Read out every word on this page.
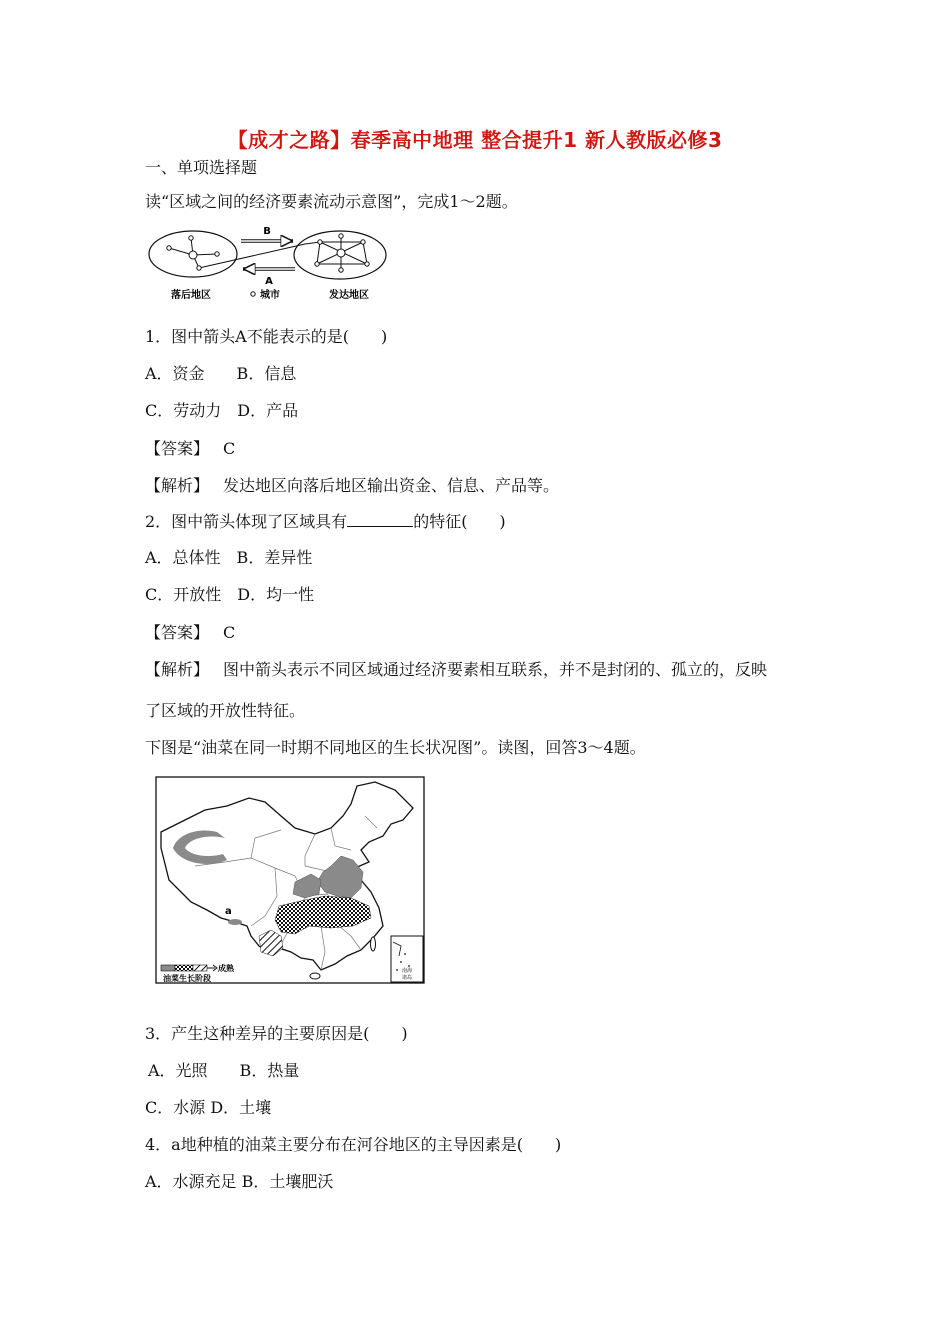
【成才之路】春季高中地理 整合提升1 新人教版必修3
一、单项选择题
读“区域之间的经济要素流动示意图”，完成1～2题。
B
A
落后地区	城市	发达地区
1．图中箭头A不能表示的是(　　)
A．资金　　B．信息
C．劳动力　D．产品
【答案】 C
【解析】 发达地区向落后地区输出资金、信息、产品等。
2．图中箭头体现了区域具有	的特征(　　)
A．总体性　B．差异性
C．开放性　D．均一性
【答案】 C
【解析】 图中箭头表示不同区域通过经济要素相互联系，并不是封闭的、孤立的，反映
了区域的开放性特征。
下图是“油菜在同一时期不同地区的生长状况图”。读图，回答3～4题。
a
南海
诸岛
成熟
油菜生长阶段
3．产生这种差异的主要原因是(　　)
A．光照　　B．热量
C．水源 D．土壤
4．a地种植的油菜主要分布在河谷地区的主导因素是(　　)
A．水源充足 B．土壤肥沃
